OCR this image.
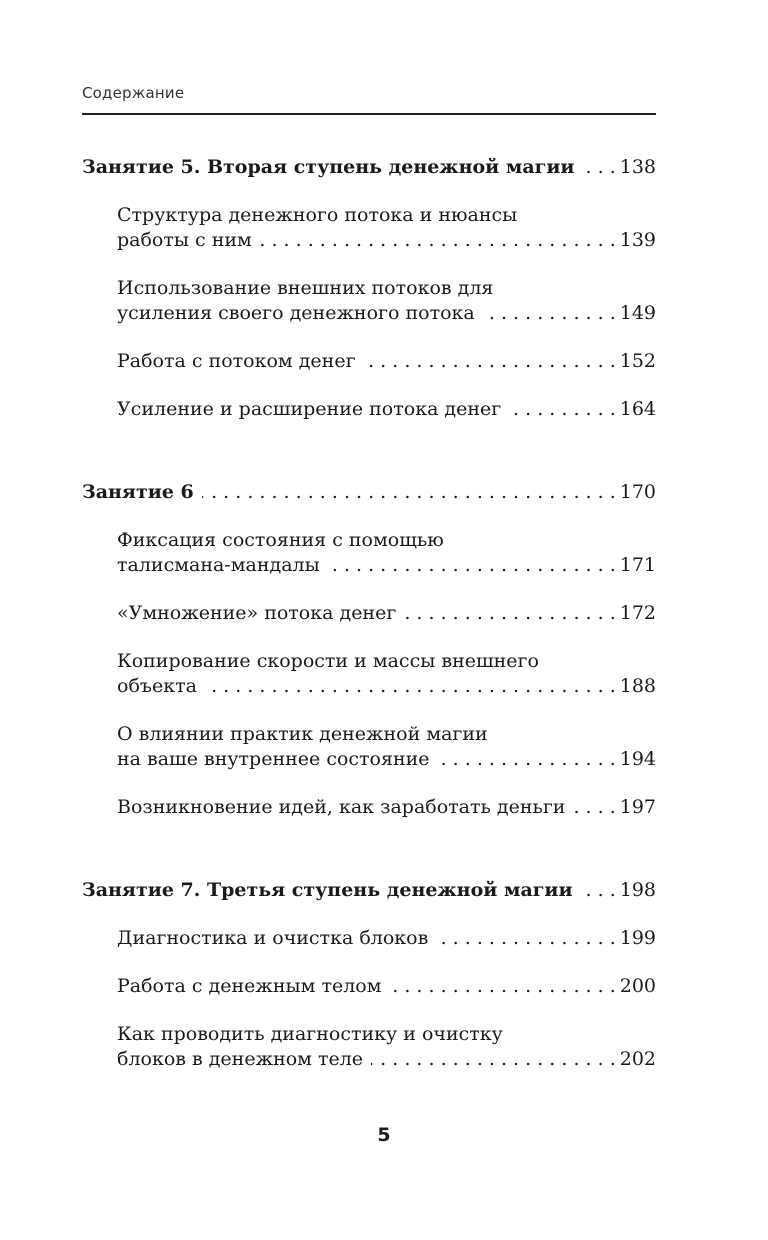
Содержание
Занятие 5. Вторая ступень денежной магии . . . 138
Структура денежного потока и нюансы
работы с ним . . .	139
Использование внешних потоков для
усиления своего денежного потока . . .	149
Работа с потоком денег . . .	152
Усиление и расширение потока денег . . .	164
Занятие 6 . . .	170
Фиксация состояния с помощью
талисмана-мандалы . . .	171
«Умножение» потока денег . . .	172
Копирование скорости и массы внешнего
объекта . . .	188
О влиянии практик денежной магии
на ваше внутреннее состояние . . .	194
Возникновение идей, как заработать деньги . . .	197
Занятие 7. Третья ступень денежной магии . . . 198
Диагностика и очистка блоков . . .	199
Работа с денежным телом . . .	200
Как проводить диагностику и очистку
блоков в денежном теле . . .	202
5
